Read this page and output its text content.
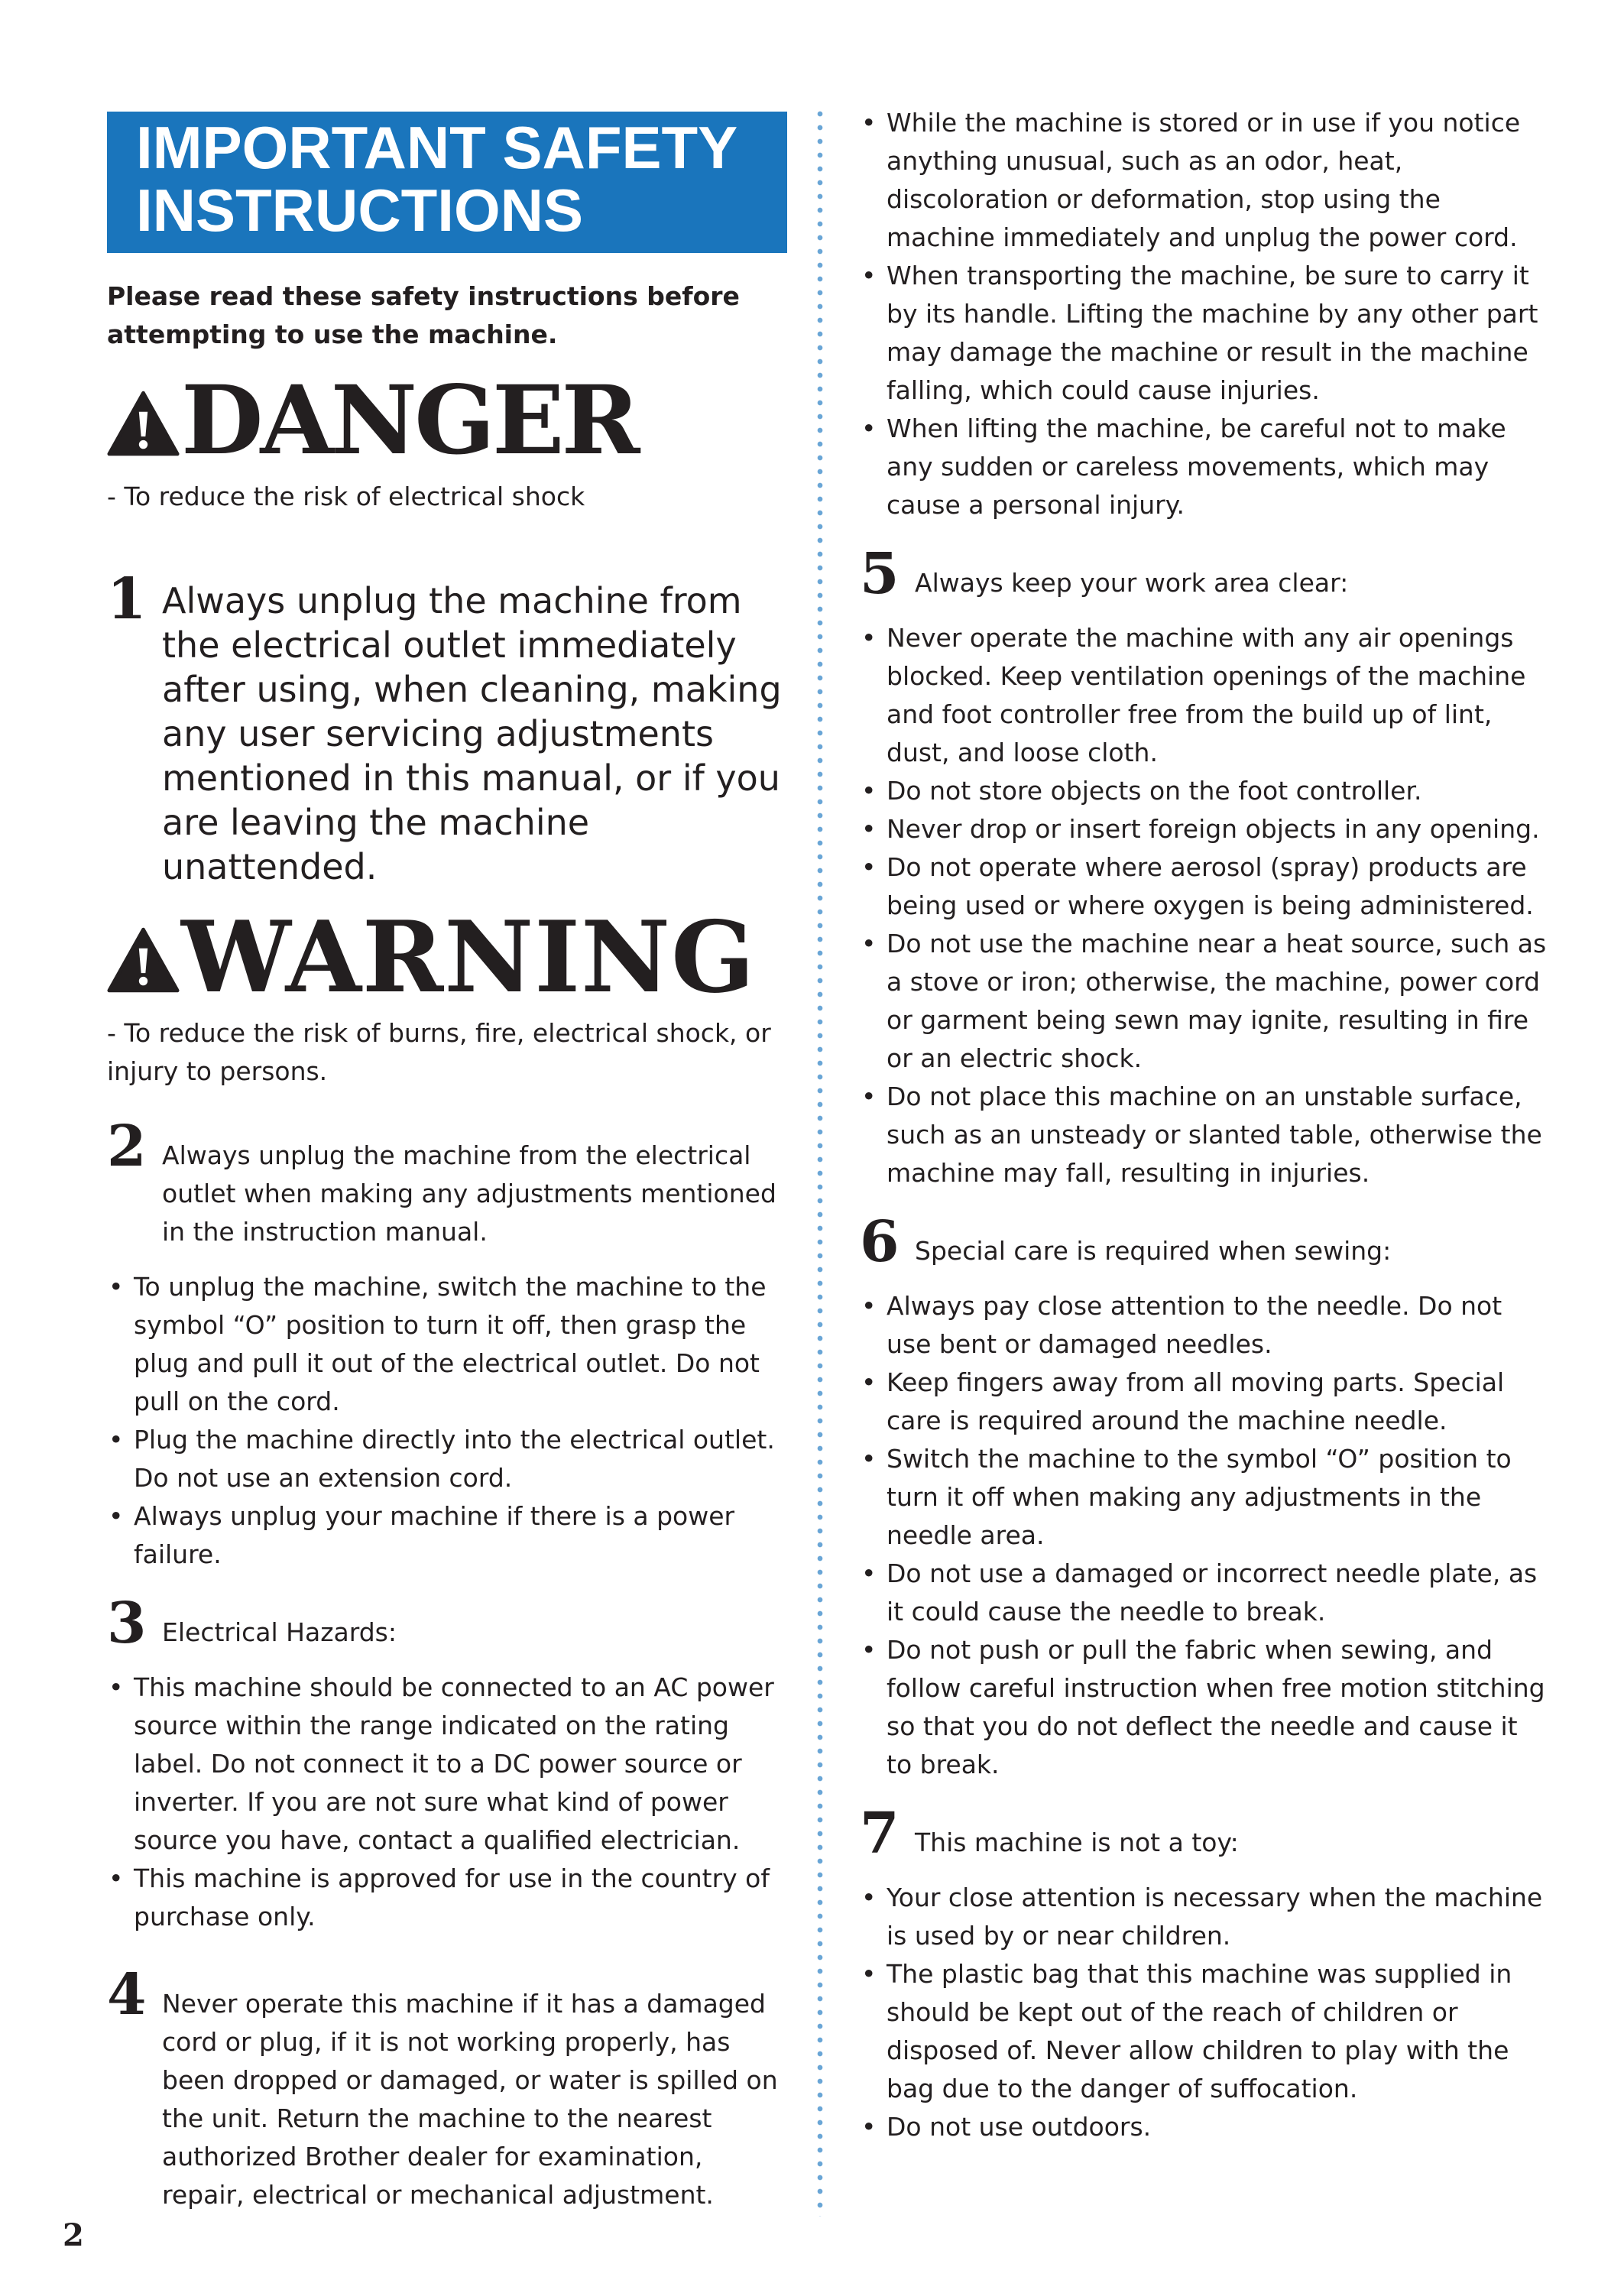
IMPORTANT SAFETY
INSTRUCTIONS

Please read these safety instructions before attempting to use the machine.

DANGER

- To reduce the risk of electrical shock

1 Always unplug the machine from the electrical outlet immediately after using, when cleaning, making any user servicing adjustments mentioned in this manual, or if you are leaving the machine unattended.

WARNING

- To reduce the risk of burns, fire, electrical shock, or injury to persons.

2 Always unplug the machine from the electrical outlet when making any adjustments mentioned in the instruction manual.

• To unplug the machine, switch the machine to the symbol “O” position to turn it off, then grasp the plug and pull it out of the electrical outlet. Do not pull on the cord.
• Plug the machine directly into the electrical outlet. Do not use an extension cord.
• Always unplug your machine if there is a power failure.
3 Electrical Hazards:

• This machine should be connected to an AC power source within the range indicated on the rating label. Do not connect it to a DC power source or inverter. If you are not sure what kind of power source you have, contact a qualified electrician.
• This machine is approved for use in the country of purchase only.
4 Never operate this machine if it has a damaged cord or plug, if it is not working properly, has been dropped or damaged, or water is spilled on the unit. Return the machine to the nearest authorized Brother dealer for examination, repair, electrical or mechanical adjustment.

• While the machine is stored or in use if you notice anything unusual, such as an odor, heat, discoloration or deformation, stop using the machine immediately and unplug the power cord.
• When transporting the machine, be sure to carry it by its handle. Lifting the machine by any other part may damage the machine or result in the machine falling, which could cause injuries.
• When lifting the machine, be careful not to make any sudden or careless movements, which may cause a personal injury.
5 Always keep your work area clear:

• Never operate the machine with any air openings blocked. Keep ventilation openings of the machine and foot controller free from the build up of lint, dust, and loose cloth.
• Do not store objects on the foot controller.
• Never drop or insert foreign objects in any opening.
• Do not operate where aerosol (spray) products are being used or where oxygen is being administered.
• Do not use the machine near a heat source, such as a stove or iron; otherwise, the machine, power cord or garment being sewn may ignite, resulting in fire or an electric shock.
• Do not place this machine on an unstable surface, such as an unsteady or slanted table, otherwise the machine may fall, resulting in injuries.
6 Special care is required when sewing:

• Always pay close attention to the needle. Do not use bent or damaged needles.
• Keep fingers away from all moving parts. Special care is required around the machine needle.
• Switch the machine to the symbol “O” position to turn it off when making any adjustments in the needle area.
• Do not use a damaged or incorrect needle plate, as it could cause the needle to break.
• Do not push or pull the fabric when sewing, and follow careful instruction when free motion stitching so that you do not deflect the needle and cause it to break.
7 This machine is not a toy:

• Your close attention is necessary when the machine is used by or near children.
• The plastic bag that this machine was supplied in should be kept out of the reach of children or disposed of. Never allow children to play with the bag due to the danger of suffocation.
• Do not use outdoors.
2
